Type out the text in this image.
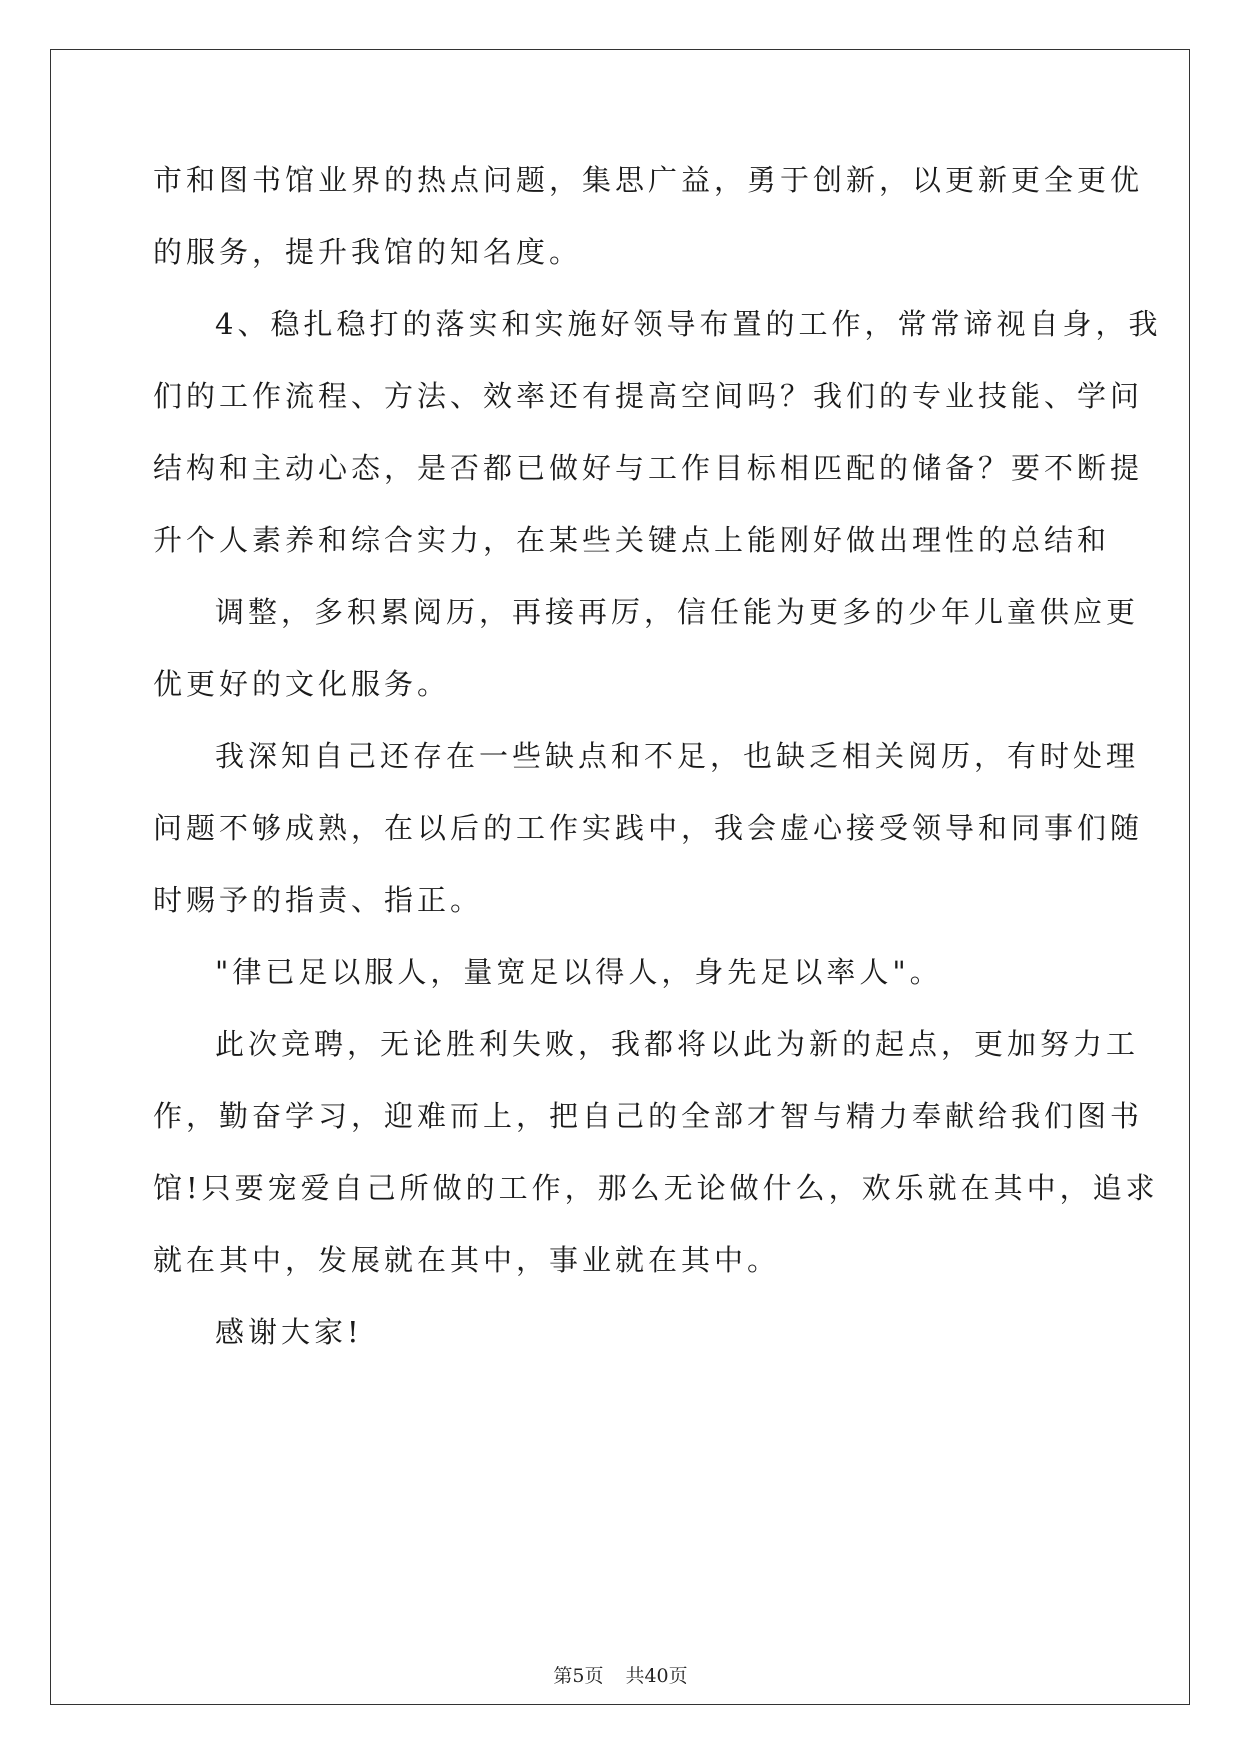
市和图书馆业界的热点问题，集思广益，勇于创新，以更新更全更优
的服务，提升我馆的知名度。
4、稳扎稳打的落实和实施好领导布置的工作，常常谛视自身，我
们的工作流程、方法、效率还有提高空间吗？我们的专业技能、学问
结构和主动心态，是否都已做好与工作目标相匹配的储备？要不断提
升个人素养和综合实力，在某些关键点上能刚好做出理性的总结和
调整，多积累阅历，再接再厉，信任能为更多的少年儿童供应更
优更好的文化服务。
我深知自己还存在一些缺点和不足，也缺乏相关阅历，有时处理
问题不够成熟，在以后的工作实践中，我会虚心接受领导和同事们随
时赐予的指责、指正。
"律已足以服人，量宽足以得人，身先足以率人"。
此次竞聘，无论胜利失败，我都将以此为新的起点，更加努力工
作，勤奋学习，迎难而上，把自己的全部才智与精力奉献给我们图书
馆!只要宠爱自己所做的工作，那么无论做什么，欢乐就在其中，追求
就在其中，发展就在其中，事业就在其中。
感谢大家!
第5页 共40页
